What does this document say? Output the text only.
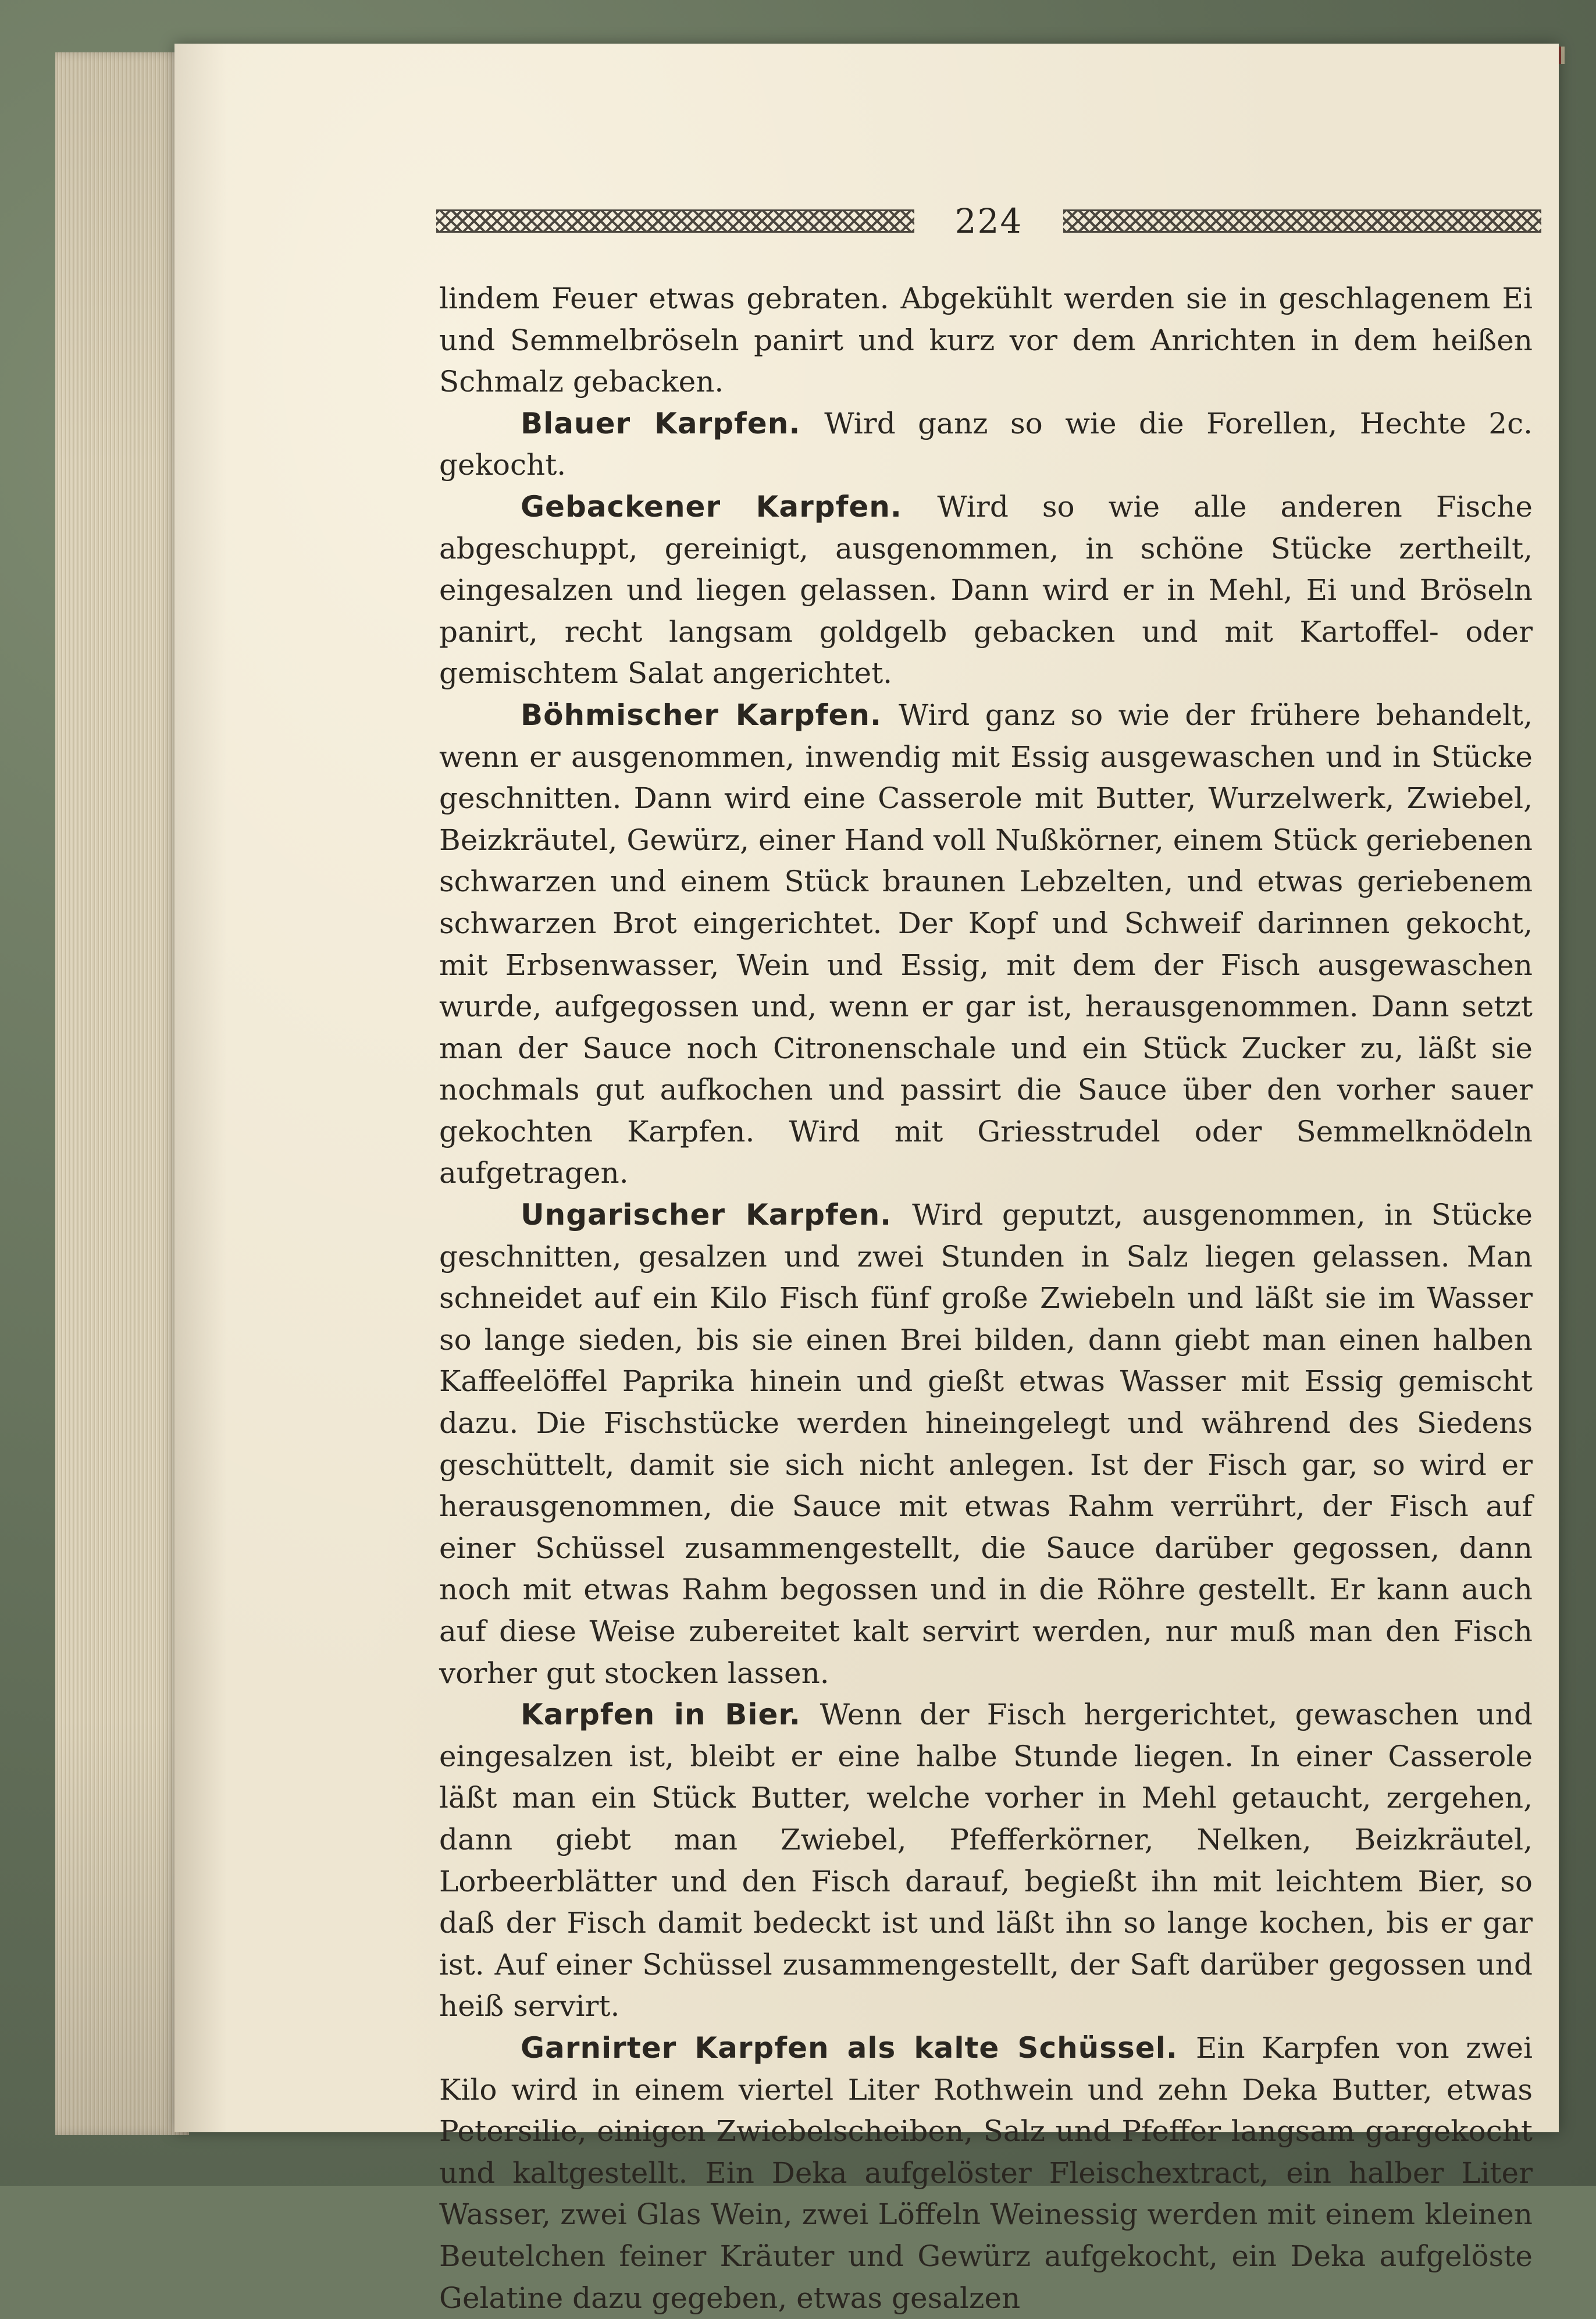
224

lindem Feuer etwas gebraten. Abgekühlt werden sie in geschlagenem Ei und Semmelbröseln panirt und kurz vor dem Anrichten in dem heißen Schmalz gebacken.

Blauer Karpfen. Wird ganz so wie die Forellen, Hechte 2c. gekocht.

Gebackener Karpfen. Wird so wie alle anderen Fische abgeschuppt, gereinigt, ausgenommen, in schöne Stücke zertheilt, eingesalzen und liegen gelassen. Dann wird er in Mehl, Ei und Bröseln panirt, recht langsam goldgelb gebacken und mit Kartoffel- oder gemischtem Salat angerichtet.

Böhmischer Karpfen. Wird ganz so wie der frühere behandelt, wenn er ausgenommen, inwendig mit Essig ausgewaschen und in Stücke geschnitten. Dann wird eine Casserole mit Butter, Wurzelwerk, Zwiebel, Beizkräutel, Gewürz, einer Hand voll Nußkörner, einem Stück geriebenen schwarzen und einem Stück braunen Lebzelten, und etwas geriebenem schwarzen Brot eingerichtet. Der Kopf und Schweif darinnen gekocht, mit Erbsenwasser, Wein und Essig, mit dem der Fisch ausgewaschen wurde, aufgegossen und, wenn er gar ist, herausgenommen. Dann setzt man der Sauce noch Citronenschale und ein Stück Zucker zu, läßt sie nochmals gut aufkochen und passirt die Sauce über den vorher sauer gekochten Karpfen. Wird mit Griesstrudel oder Semmelknödeln aufgetragen.

Ungarischer Karpfen. Wird geputzt, ausgenommen, in Stücke geschnitten, gesalzen und zwei Stunden in Salz liegen gelassen. Man schneidet auf ein Kilo Fisch fünf große Zwiebeln und läßt sie im Wasser so lange sieden, bis sie einen Brei bilden, dann giebt man einen halben Kaffeelöffel Paprika hinein und gießt etwas Wasser mit Essig gemischt dazu. Die Fischstücke werden hineingelegt und während des Siedens geschüttelt, damit sie sich nicht anlegen. Ist der Fisch gar, so wird er herausgenommen, die Sauce mit etwas Rahm verrührt, der Fisch auf einer Schüssel zusammengestellt, die Sauce darüber gegossen, dann noch mit etwas Rahm begossen und in die Röhre gestellt. Er kann auch auf diese Weise zubereitet kalt servirt werden, nur muß man den Fisch vorher gut stocken lassen.

Karpfen in Bier. Wenn der Fisch hergerichtet, gewaschen und eingesalzen ist, bleibt er eine halbe Stunde liegen. In einer Casserole läßt man ein Stück Butter, welche vorher in Mehl getaucht, zergehen, dann giebt man Zwiebel, Pfefferkörner, Nelken, Beizkräutel, Lorbeerblätter und den Fisch darauf, begießt ihn mit leichtem Bier, so daß der Fisch damit bedeckt ist und läßt ihn so lange kochen, bis er gar ist. Auf einer Schüssel zusammengestellt, der Saft darüber gegossen und heiß servirt.

Garnirter Karpfen als kalte Schüssel. Ein Karpfen von zwei Kilo wird in einem viertel Liter Rothwein und zehn Deka Butter, etwas Petersilie, einigen Zwiebelscheiben, Salz und Pfeffer langsam gargekocht und kaltgestellt. Ein Deka aufgelöster Fleischextract, ein halber Liter Wasser, zwei Glas Wein, zwei Löffeln Weinessig werden mit einem kleinen Beutelchen feiner Kräuter und Gewürz aufgekocht, ein Deka aufgelöste Gelatine dazu gegeben, etwas gesalzen
